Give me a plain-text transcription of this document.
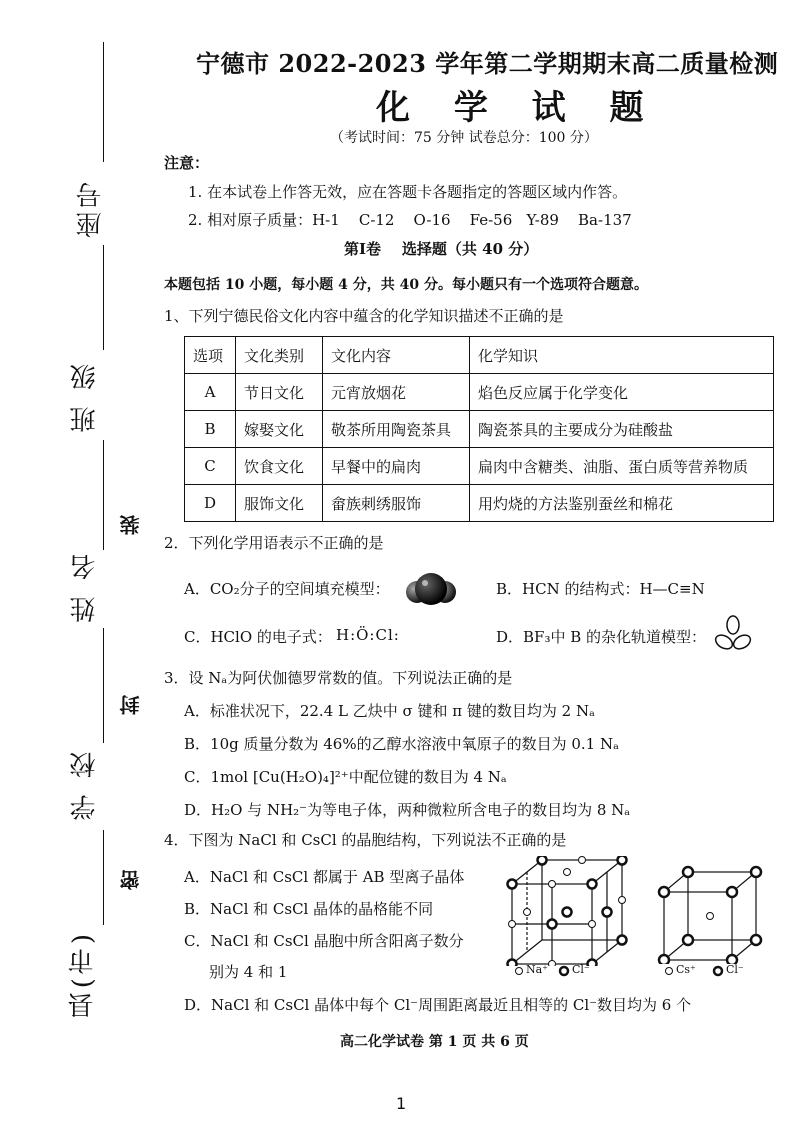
座号
班 级
姓 名
学 校
县(市)
装
封
密
宁德市 2022-2023 学年第二学期期末高二质量检测
化 学 试 题
（考试时间：75 分钟 试卷总分：100 分）
注意：
1. 在本试卷上作答无效，应在答题卡各题指定的答题区域内作答。
2. 相对原子质量：H-1    C-12    O-16    Fe-56   Y-89    Ba-137
第Ⅰ卷    选择题（共 40 分）
本题包括 10 小题，每小题 4 分，共 40 分。每小题只有一个选项符合题意。
1、下列宁德民俗文化内容中蕴含的化学知识描述不正确的是
选项	文化类别	文化内容	化学知识
A	节日文化	元宵放烟花	焰色反应属于化学变化
B	嫁娶文化	敬茶所用陶瓷茶具	陶瓷茶具的主要成分为硅酸盐
C	饮食文化	早餐中的扁肉	扁肉中含糖类、油脂、蛋白质等营养物质
D	服饰文化	畲族刺绣服饰	用灼烧的方法鉴别蚕丝和棉花
2．下列化学用语表示不正确的是
A．CO₂分子的空间填充模型：	B．HCN 的结构式：H—C≡N
C．HClO 的电子式： H:Ö:Cl:	D．BF₃中 B 的杂化轨道模型：
3．设 Nₐ为阿伏伽德罗常数的值。下列说法正确的是
A．标准状况下，22.4 L 乙炔中 σ 键和 π 键的数目均为 2 Nₐ
B．10g 质量分数为 46%的乙醇水溶液中氧原子的数目为 0.1 Nₐ
C．1mol [Cu(H₂O)₄]²⁺中配位键的数目为 4 Nₐ
D．H₂O 与 NH₂⁻为等电子体，两种微粒所含电子的数目均为 8 Nₐ
4．下图为 NaCl 和 CsCl 的晶胞结构，下列说法不正确的是
A．NaCl 和 CsCl 都属于 AB 型离子晶体
B．NaCl 和 CsCl 晶体的晶格能不同
C．NaCl 和 CsCl 晶胞中所含阳离子数分
别为 4 和 1
D．NaCl 和 CsCl 晶体中每个 Cl⁻周围距离最近且相等的 Cl⁻数目均为 6 个
Na⁺ Cl⁻	Cs⁺	Cl⁻
高二化学试卷 第 1 页 共 6 页
1
